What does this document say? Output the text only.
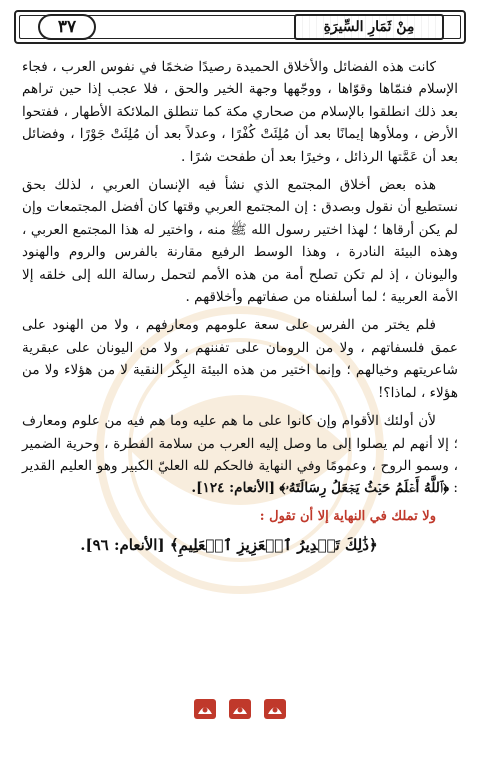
٣٧	مِنْ ثَمَارِ السِّيرَةِ

كانت هذه الفضائل والأخلاق الحميدة رصيدًا ضخمًا في نفوس العرب ، فجاء الإسلام فنمّاها وقوّاها ، ووجّهها وجهة الخير والحق ، فلا عجب إذا حين تراهم بعد ذلك انطلقوا بالإسلام من صحاري مكة كما تنطلق الملائكة الأطهار ، ففتحوا الأرض ، وملأوها إيمانًا بعد أن مُلِئَتْ كُفْرًا ، وعدلاً بعد أن مُلِئَتْ جَوْرًا ، وفضائل بعد أن عَمَّتها الرذائل ، وخيرًا بعد أن طفحت شرًا .

هذه بعض أخلاق المجتمع الذي نشأ فيه الإنسان العربي ، لذلك بحق نستطيع أن نقول وبصدق : إن المجتمع العربي وقتها كان أفضل المجتمعات وإن لم يكن أرقاها ؛ لهذا اختير رسول الله ﷺ منه ، واختير له هذا المجتمع العربي ، وهذه البيئة النادرة ، وهذا الوسط الرفيع مقارنة بالفرس والروم والهنود واليونان ، إذ لم تكن تصلح أمة من هذه الأمم لتحمل رسالة الله إلى خلقه إلا الأمة العربية ؛ لما أسلفناه من صفاتهم وأخلاقهم .

فلم يختر من الفرس على سعة علومهم ومعارفهم ، ولا من الهنود على عمق فلسفاتهم ، ولا من الرومان على تفننهم ، ولا من اليونان على عبقرية شاعريتهم وخيالهم ؛ وإنما اختير من هذه البيئة البِكْر النقية لا من هؤلاء ولا من هؤلاء ، لماذا؟!

لأن أولئك الأقوام وإن كانوا على ما هم عليه وما هم فيه من علوم ومعارف ؛ إلا أنهم لم يصلوا إلى ما وصل إليه العرب من سلامة الفطرة ، وحرية الضمير ، وسمو الروح ، وعمومًا وفي النهاية فالحكم لله العليّ الكبير وهو العليم القدير : ﴿ٱللَّهُ أَعۡلَمُ حَيۡثُ يَجۡعَلُ رِسَالَتَهُۥ﴾ [الأنعام: ١٢٤].

ولا تملك في النهاية إلا أن تقول :

﴿ذَٰلِكَ تَقۡدِيرُ ٱلۡعَزِيزِ ٱلۡعَلِيمِ﴾ [الأنعام: ٩٦].
